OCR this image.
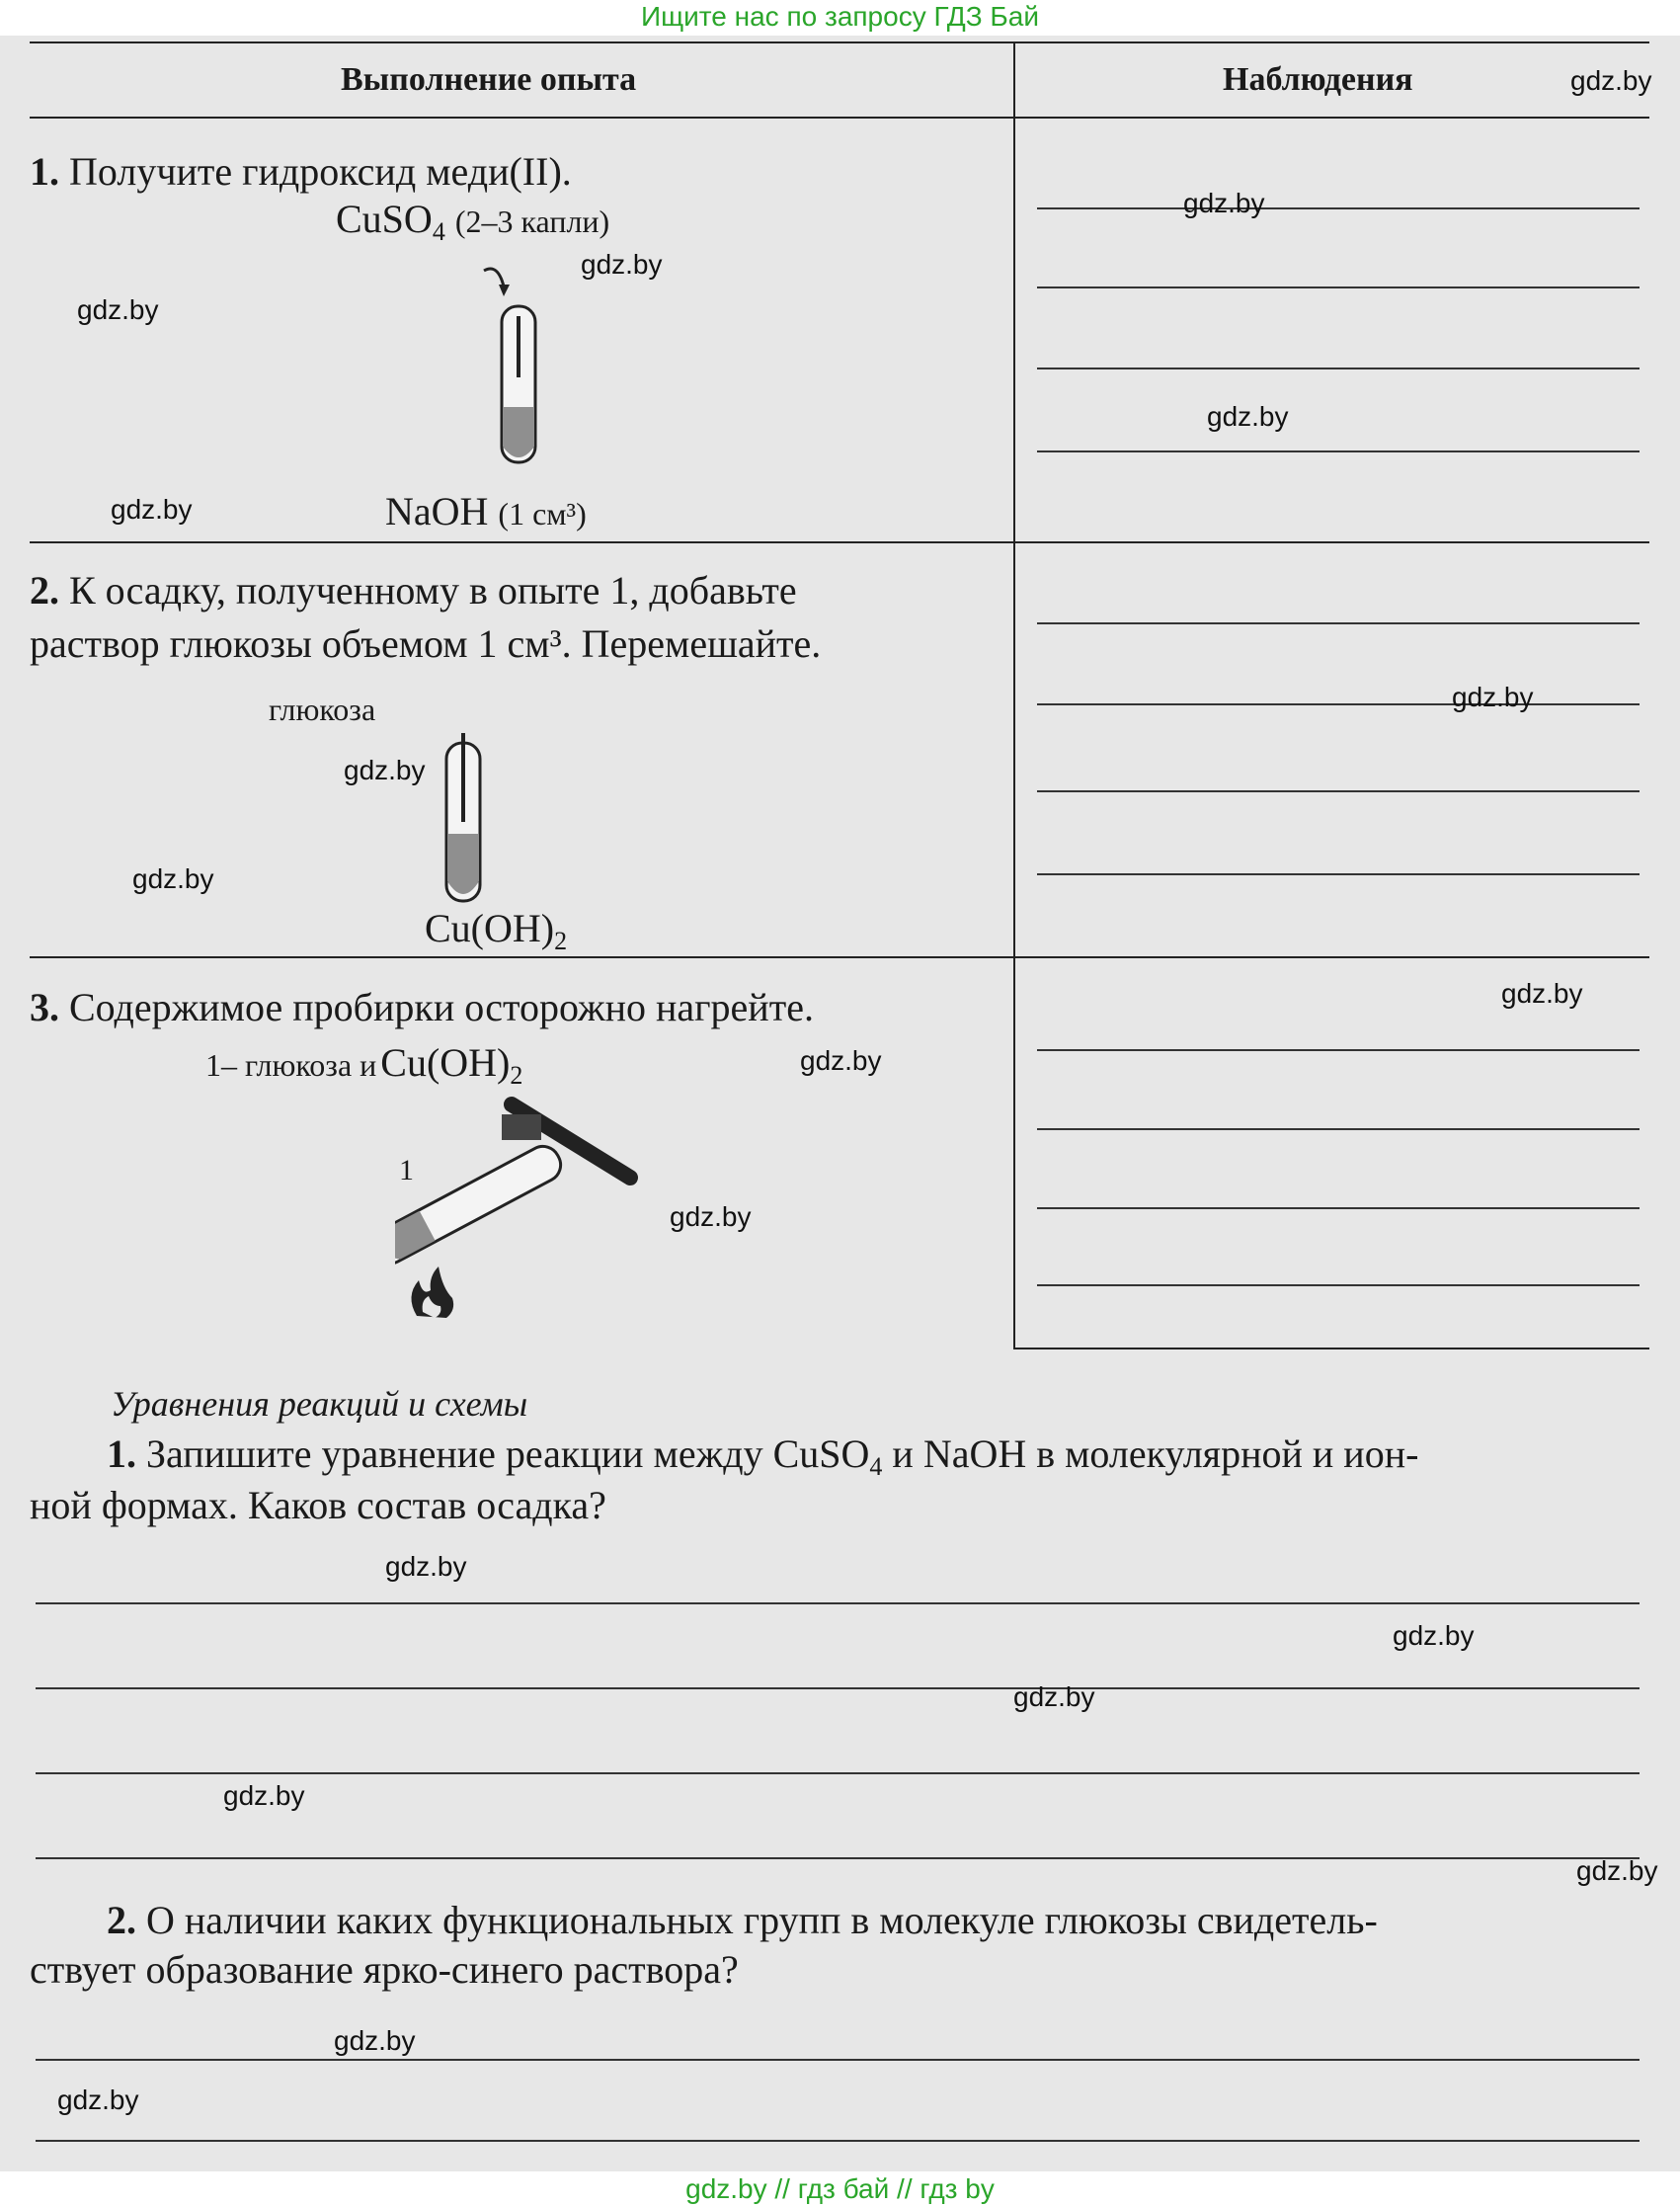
Выполнение опыта	Наблюдения
1. Получите гидроксид меди(II).
CuSO$_4$ (2–3 капли)
NaOH (1 см³)
2. К осадку, полученному в опыте 1, добавьте
раствор глюкозы объемом 1 см³. Перемешайте.
глюкоза
$Cu(OH)_2$
3. Содержимое пробирки осторожно нагрейте.
1– глюкоза и $Cu(OH)_2$
1
Уравнения реакций и схемы
1. Запишите уравнение реакции между CuSO$_4$ и NaOH в молекулярной и ион-
ной формах. Каков состав осадка?
2. О наличии каких функциональных групп в молекуле глюкозы свидетель-
ствует образование ярко-синего раствора?
gdz.by
gdz.by
gdz.by
gdz.by
gdz.by
gdz.by
gdz.by
gdz.by
gdz.by
gdz.by
gdz.by
gdz.by
gdz.by
gdz.by
gdz.by
gdz.by
gdz.by
gdz.by
gdz.by
Ищите нас по запросу ГДЗ Бай
gdz.by // гдз бай // гдз by
